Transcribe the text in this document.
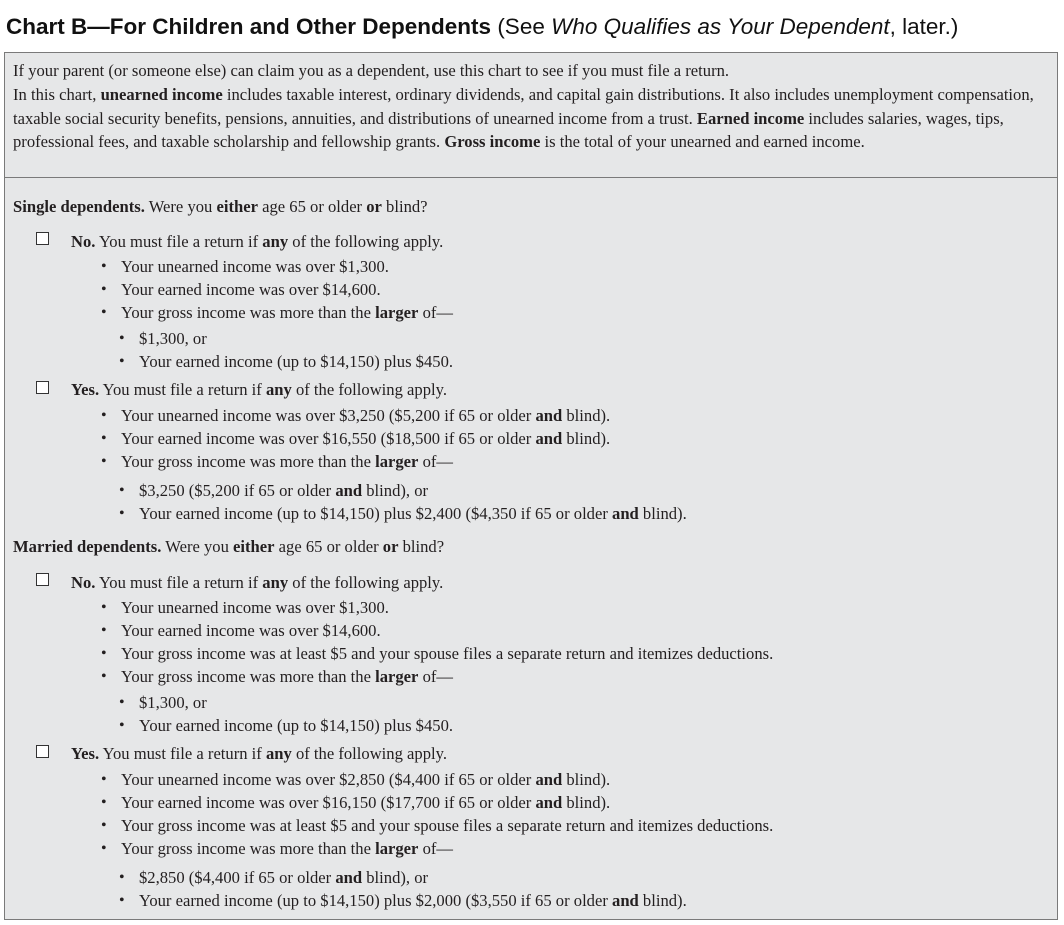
Chart B—For Children and Other Dependents (See Who Qualifies as Your Dependent, later.)

If your parent (or someone else) can claim you as a dependent, use this chart to see if you must file a return.

In this chart, unearned income includes taxable interest, ordinary dividends, and capital gain distributions. It also includes unemployment compensation, taxable social security benefits, pensions, annuities, and distributions of unearned income from a trust. Earned income includes salaries, wages, tips, professional fees, and taxable scholarship and fellowship grants. Gross income is the total of your unearned and earned income.

Single dependents. Were you either age 65 or older or blind?
No. You must file a return if any of the following apply.
• Your unearned income was over $1,300.
• Your earned income was over $14,600.
• Your gross income was more than the larger of—
• $1,300, or
• Your earned income (up to $14,150) plus $450.
Yes. You must file a return if any of the following apply.
• Your unearned income was over $3,250 ($5,200 if 65 or older and blind).
• Your earned income was over $16,550 ($18,500 if 65 or older and blind).
• Your gross income was more than the larger of—
• $3,250 ($5,200 if 65 or older and blind), or
• Your earned income (up to $14,150) plus $2,400 ($4,350 if 65 or older and blind).
Married dependents. Were you either age 65 or older or blind?
No. You must file a return if any of the following apply.
• Your unearned income was over $1,300.
• Your earned income was over $14,600.
• Your gross income was at least $5 and your spouse files a separate return and itemizes deductions.
• Your gross income was more than the larger of—
• $1,300, or
• Your earned income (up to $14,150) plus $450.
Yes. You must file a return if any of the following apply.
• Your unearned income was over $2,850 ($4,400 if 65 or older and blind).
• Your earned income was over $16,150 ($17,700 if 65 or older and blind).
• Your gross income was at least $5 and your spouse files a separate return and itemizes deductions.
• Your gross income was more than the larger of—
• $2,850 ($4,400 if 65 or older and blind), or
• Your earned income (up to $14,150) plus $2,000 ($3,550 if 65 or older and blind).
